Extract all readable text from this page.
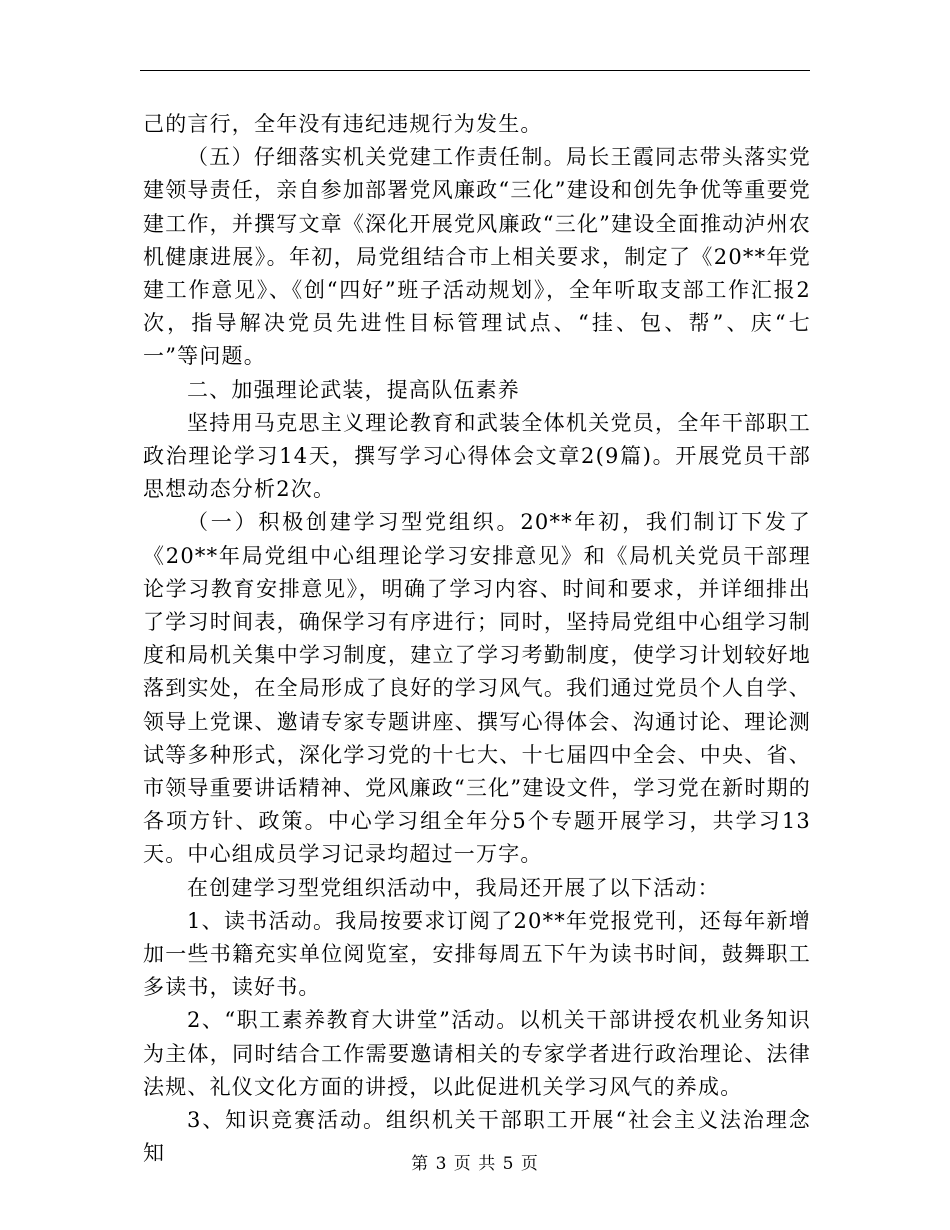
己的言行，全年没有违纪违规行为发生。

（五）仔细落实机关党建工作责任制。局长王霞同志带头落实党建领导责任，亲自参加部署党风廉政“三化”建设和创先争优等重要党建工作，并撰写文章《深化开展党风廉政“三化”建设全面推动泸州农机健康进展》。年初，局党组结合市上相关要求，制定了《20**年党建工作意见》、《创“四好”班子活动规划》，全年听取支部工作汇报2次，指导解决党员先进性目标管理试点、“挂、包、帮”、庆“七一”等问题。

二、加强理论武装，提高队伍素养

坚持用马克思主义理论教育和武装全体机关党员，全年干部职工政治理论学习14天，撰写学习心得体会文章2(9篇)。开展党员干部思想动态分析2次。

（一）积极创建学习型党组织。20**年初，我们制订下发了《20**年局党组中心组理论学习安排意见》和《局机关党员干部理论学习教育安排意见》，明确了学习内容、时间和要求，并详细排出了学习时间表，确保学习有序进行；同时，坚持局党组中心组学习制度和局机关集中学习制度，建立了学习考勤制度，使学习计划较好地落到实处，在全局形成了良好的学习风气。我们通过党员个人自学、领导上党课、邀请专家专题讲座、撰写心得体会、沟通讨论、理论测试等多种形式，深化学习党的十七大、十七届四中全会、中央、省、市领导重要讲话精神、党风廉政“三化”建设文件，学习党在新时期的各项方针、政策。中心学习组全年分5个专题开展学习，共学习13天。中心组成员学习记录均超过一万字。

在创建学习型党组织活动中，我局还开展了以下活动：

1、读书活动。我局按要求订阅了20**年党报党刊，还每年新增加一些书籍充实单位阅览室，安排每周五下午为读书时间，鼓舞职工多读书，读好书。

2、“职工素养教育大讲堂”活动。以机关干部讲授农机业务知识为主体，同时结合工作需要邀请相关的专家学者进行政治理论、法律法规、礼仪文化方面的讲授，以此促进机关学习风气的养成。

3、知识竞赛活动。组织机关干部职工开展“社会主义法治理念知	第 3 页 共 5 页
